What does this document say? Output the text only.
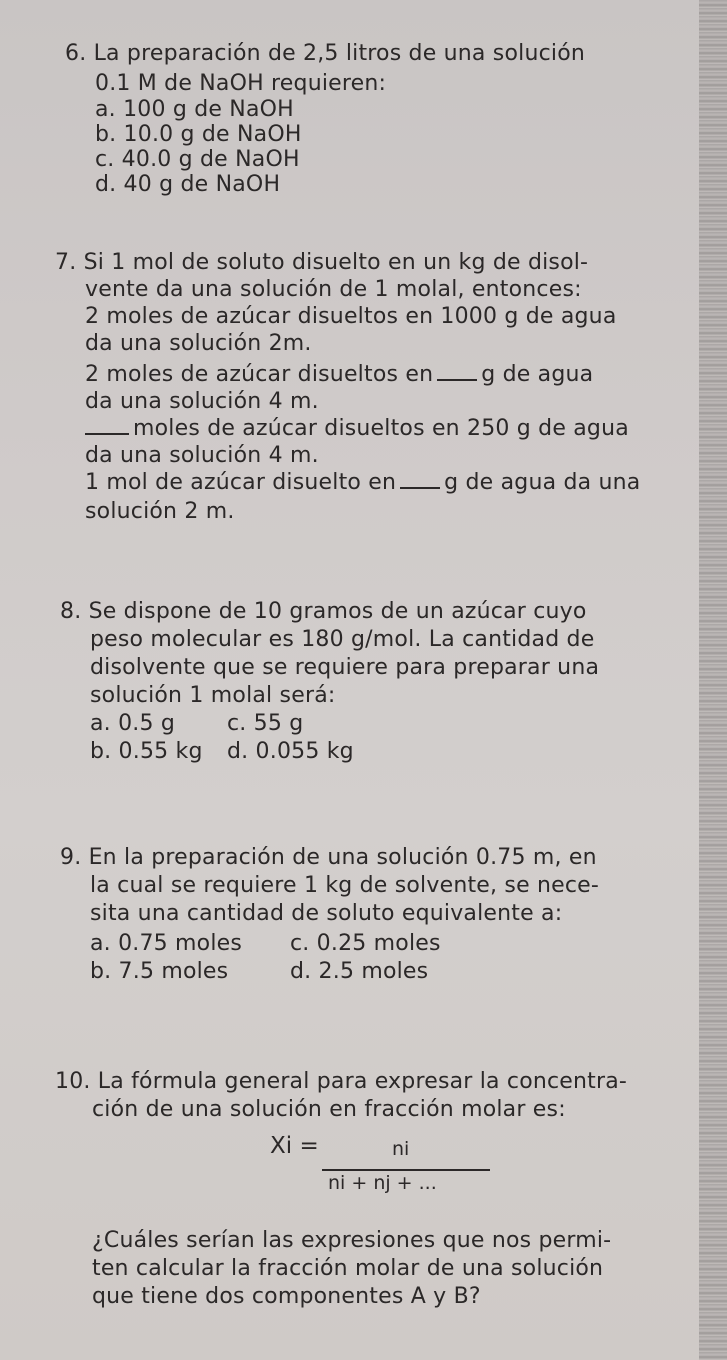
6. La preparación de 2,5 litros de una solución
0.1 M de NaOH requieren:
a. 100 g de NaOH
b. 10.0 g de NaOH
c. 40.0 g de NaOH
d. 40 g de NaOH
7. Si 1 mol de soluto disuelto en un kg de disol-
vente da una solución de 1 molal, entonces:
2 moles de azúcar disueltos en 1000 g de agua
da una solución 2m.
2 moles de azúcar disueltos en g de agua
da una solución 4 m.
moles de azúcar disueltos en 250 g de agua
da una solución 4 m.
1 mol de azúcar disuelto en g de agua da una
solución 2 m.
8. Se dispone de 10 gramos de un azúcar cuyo
peso molecular es 180 g/mol. La cantidad de
disolvente que se requiere para preparar una
solución 1 molal será:
a. 0.5 g c. 55 g
b. 0.55 kg d. 0.055 kg
9. En la preparación de una solución 0.75 m, en
la cual se requiere 1 kg de solvente, se nece-
sita una cantidad de soluto equivalente a:
a. 0.75 moles c. 0.25 moles
b. 7.5 moles	d. 2.5 moles
10. La fórmula general para expresar la concentra-
ción de una solución en fracción molar es:
Xi =	ni
ni + nj + ...
¿Cuáles serían las expresiones que nos permi-
ten calcular la fracción molar de una solución
que tiene dos componentes A y B?
